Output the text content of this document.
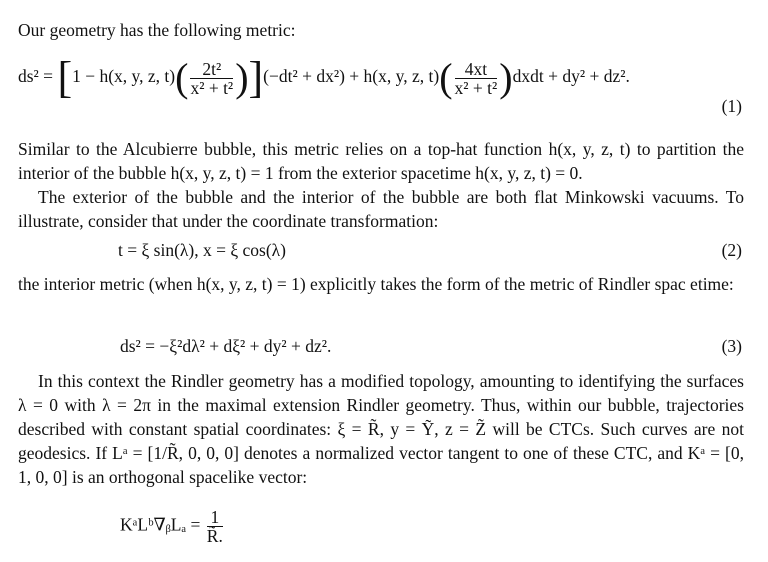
Our geometry has the following metric:

ds² = [1 − h(x, y, z, $t)( \frac{\text{2t²}}{\text{x² + t²}} )](-dt^2 + dx^2) + h(x$, y, z, $t)( \frac{4xt}{\text{x² + t²}}$ )dxdt + dy² + dz².
(1)

Similar to the Alcubierre bubble, this metric relies on a top-hat function h(x, y, z, t) to partition the interior of the bubble h(x, y, z, t) = 1 from the exterior spacetime h(x, y, z, t) = 0.

The exterior of the bubble and the interior of the bubble are both flat Minkowski vacuums. To illustrate, consider that under the coordinate transformation:

t = ξ sin(λ), x = ξ cos(λ)	(2)

the interior metric (when h(x, y, z, t) = 1) explicitly takes the form of the metric of Rindler spac etime:

ds² = −ξ²dλ² + dξ² + dy² + dz².	(3)

In this context the Rindler geometry has a modified topology, amounting to identifying the surfaces λ = 0 with λ = 2π in the maximal extension Rindler geometry. Thus, within our bubble, trajectories described with constant spatial coordinates: ξ = R̃, y = Ỹ, z = Z̃ will be CTCs. Such curves are not geodesics. If Lᵃ = [1/R̃, 0, 0, 0] denotes a normalized vector tangent to one of these CTC, and Kᵃ = [0, 1, 0, 0] is an orthogonal spacelike vector:

KᵃLᵇ∇ᵦLₐ = $\frac{1}{R̃.}$
